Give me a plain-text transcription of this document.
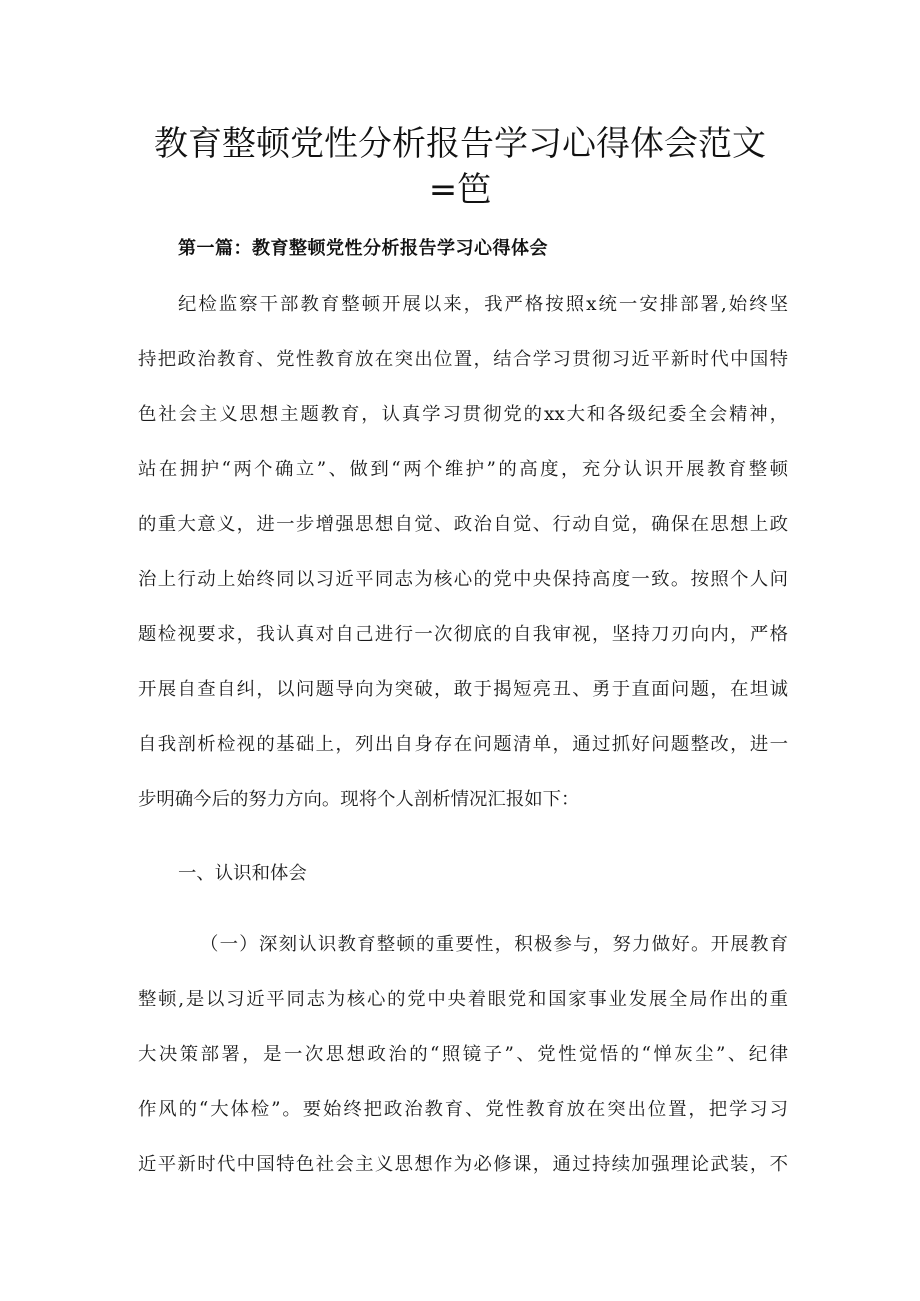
教育整顿党性分析报告学习心得体会范文
=笆
第一篇：教育整顿党性分析报告学习心得体会
纪检监察干部教育整顿开展以来，我严格按照x统一安排部署,始终坚
持把政治教育、党性教育放在突出位置，结合学习贯彻习近平新时代中国特
色社会主义思想主题教育，认真学习贯彻党的xx大和各级纪委全会精神，
站在拥护“两个确立”、做到“两个维护”的高度，充分认识开展教育整顿
的重大意义，进一步增强思想自觉、政治自觉、行动自觉，确保在思想上政
治上行动上始终同以习近平同志为核心的党中央保持高度一致。按照个人问
题检视要求，我认真对自己进行一次彻底的自我审视，坚持刀刃向内，严格
开展自查自纠，以问题导向为突破，敢于揭短亮丑、勇于直面问题，在坦诚
自我剖析检视的基础上，列出自身存在问题清单，通过抓好问题整改，进一
步明确今后的努力方向。现将个人剖析情况汇报如下：
一、认识和体会
（一）深刻认识教育整顿的重要性，积极参与，努力做好。开展教育
整顿,是以习近平同志为核心的党中央着眼党和国家事业发展全局作出的重
大决策部署，是一次思想政治的“照镜子”、党性觉悟的“惮灰尘”、纪律
作风的“大体检”。要始终把政治教育、党性教育放在突出位置，把学习习
近平新时代中国特色社会主义思想作为必修课，通过持续加强理论武装，不
